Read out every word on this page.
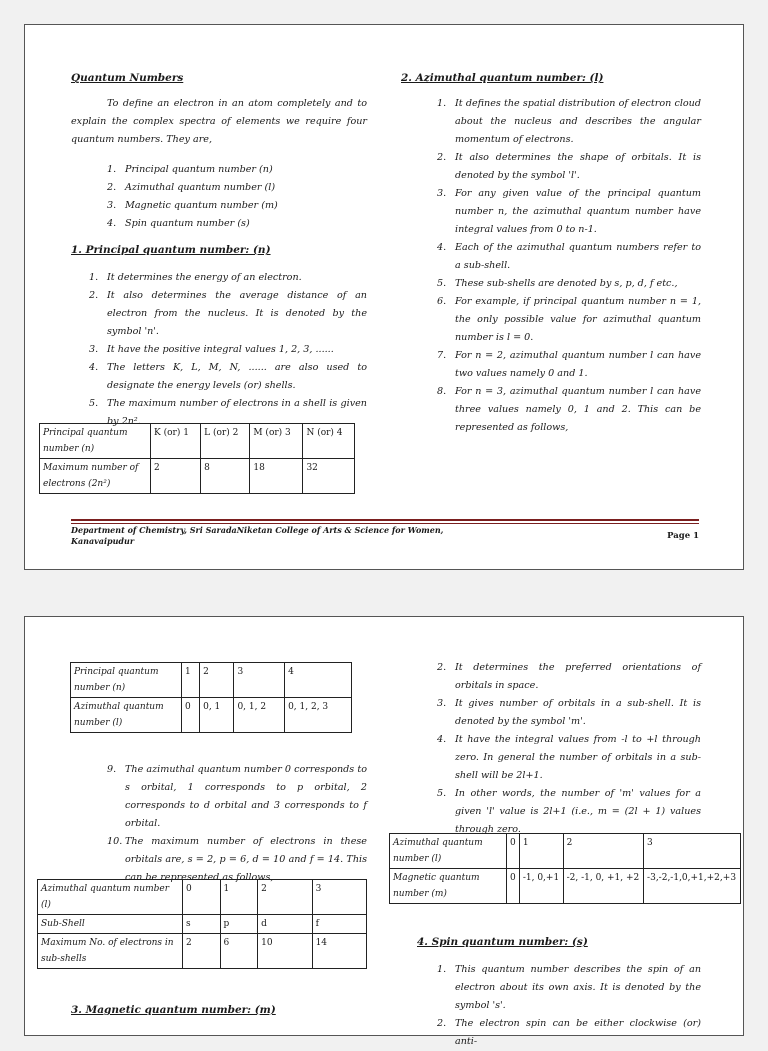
Quantum Numbers

To define an electron in an atom completely and to explain the complex spectra of elements we require four quantum numbers. They are,

1. Principal quantum number (n)
2. Azimuthal quantum number (l)
3. Magnetic quantum number (m)
4. Spin quantum number (s)
1. Principal quantum number: (n)
1. It determines the energy of an electron.
2. It also determines the average distance of an electron from the nucleus. It is denoted by the symbol 'n'.
3. It have the positive integral values 1, 2, 3, ......
4. The letters K, L, M, N, ...... are also used to designate the energy levels (or) shells.
5. The maximum number of electrons in a shell is given by 2n².
Principal quantum number (n)	K (or) 1	L (or) 2	M (or) 3	N (or) 4
Maximum number of electrons (2n²)	2	8	18	32
2. Azimuthal quantum number: (l)
1. It defines the spatial distribution of electron cloud about the nucleus and describes the angular momentum of electrons.
2. It also determines the shape of orbitals. It is denoted by the symbol 'l'.
3. For any given value of the principal quantum number n, the azimuthal quantum number have integral values from 0 to n-1.
4. Each of the azimuthal quantum numbers refer to a sub-shell.
5. These sub-shells are denoted by s, p, d, f etc.,
6. For example, if principal quantum number n = 1, the only possible value for azimuthal quantum number is l = 0.
7. For n = 2, azimuthal quantum number l can have two values namely 0 and 1.
8. For n = 3, azimuthal quantum number l can have three values namely 0, 1 and 2. This can be represented as follows,
Department of Chemistry, Sri SaradaNiketan College of Arts & Science for Women, Kanavaipudur	Page 1
Principal quantum number (n)	1	2	3	4
Azimuthal quantum number (l)	0	0, 1	0, 1, 2	0, 1, 2, 3
9. The azimuthal quantum number 0 corresponds to s orbital, 1 corresponds to p orbital, 2 corresponds to d orbital and 3 corresponds to f orbital.
10. The maximum number of electrons in these orbitals are, s = 2, p = 6, d = 10 and f = 14. This can be represented as follows,
Azimuthal quantum number (l)	0	1	2	3
Sub-Shell	s	p	d	f
Maximum No. of electrons in sub-shells	2	6	10	14
3. Magnetic quantum number: (m)
2. It determines the preferred orientations of orbitals in space.
3. It gives number of orbitals in a sub-shell. It is denoted by the symbol 'm'.
4. It have the integral values from -l to +l through zero. In general the number of orbitals in a sub-shell will be 2l+1.
5. In other words, the number of 'm' values for a given 'l' value is 2l+1 (i.e., m = (2l + 1) values through zero.
Azimuthal quantum number (l)	0	1	2	3
Magnetic quantum number (m)	0	-1, 0,+1	-2, -1, 0, +1, +2	-3,-2,-1,0,+1,+2,+3
4. Spin quantum number: (s)
1. This quantum number describes the spin of an electron about its own axis. It is denoted by the symbol 's'.
2. The electron spin can be either clockwise (or) anti-
